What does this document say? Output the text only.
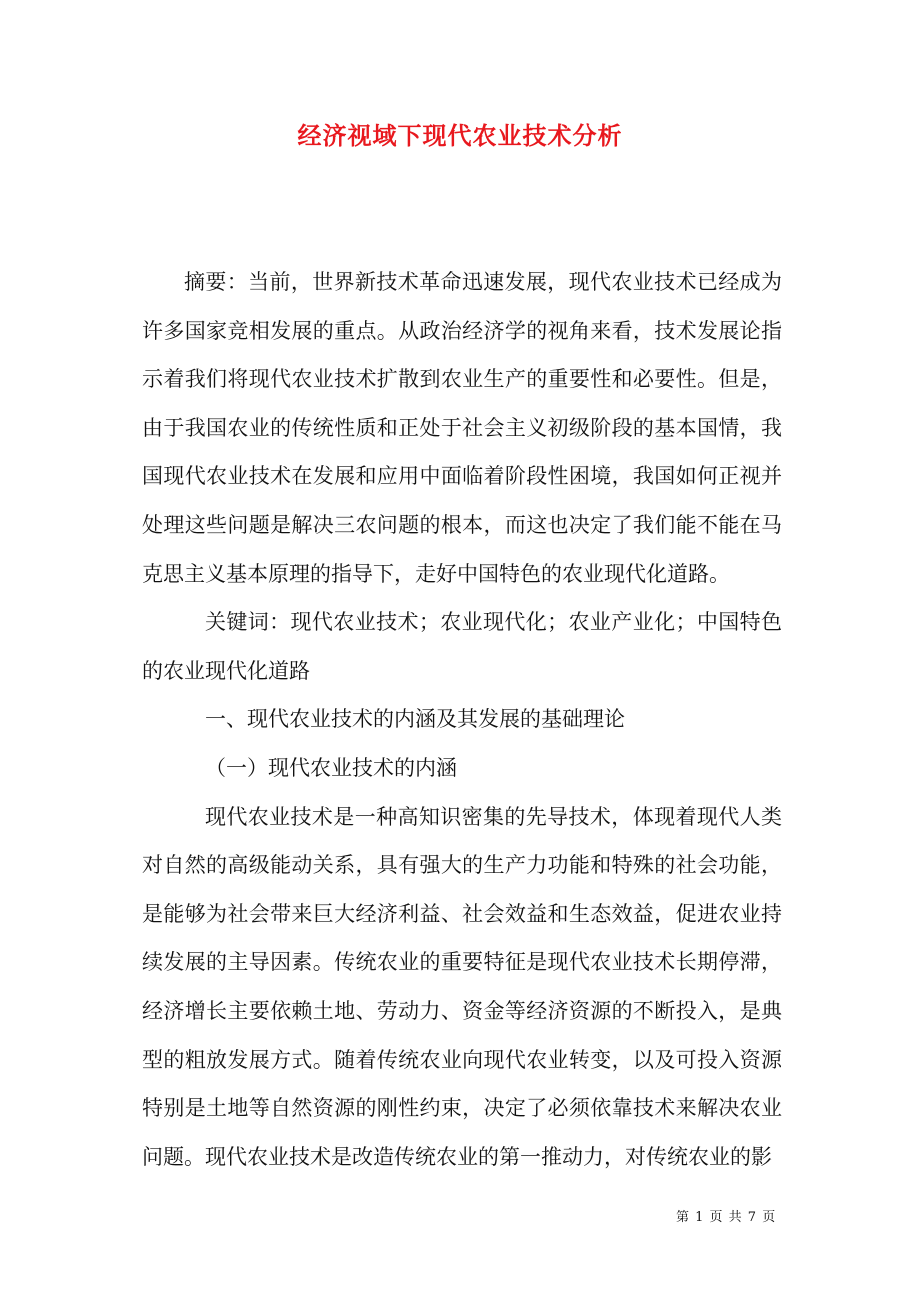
经济视域下现代农业技术分析

摘要：当前，世界新技术革命迅速发展，现代农业技术已经成为许多国家竞相发展的重点。从政治经济学的视角来看，技术发展论指示着我们将现代农业技术扩散到农业生产的重要性和必要性。但是，由于我国农业的传统性质和正处于社会主义初级阶段的基本国情，我国现代农业技术在发展和应用中面临着阶段性困境，我国如何正视并处理这些问题是解决三农问题的根本，而这也决定了我们能不能在马克思主义基本原理的指导下，走好中国特色的农业现代化道路。

关键词：现代农业技术；农业现代化；农业产业化；中国特色的农业现代化道路

一、现代农业技术的内涵及其发展的基础理论

（一）现代农业技术的内涵

现代农业技术是一种高知识密集的先导技术，体现着现代人类对自然的高级能动关系，具有强大的生产力功能和特殊的社会功能，是能够为社会带来巨大经济利益、社会效益和生态效益，促进农业持续发展的主导因素。传统农业的重要特征是现代农业技术长期停滞，经济增长主要依赖土地、劳动力、资金等经济资源的不断投入，是典型的粗放发展方式。随着传统农业向现代农业转变，以及可投入资源特别是土地等自然资源的刚性约束，决定了必须依靠技术来解决农业问题。现代农业技术是改造传统农业的第一推动力，对传统农业的影

第 1 页 共 7 页
